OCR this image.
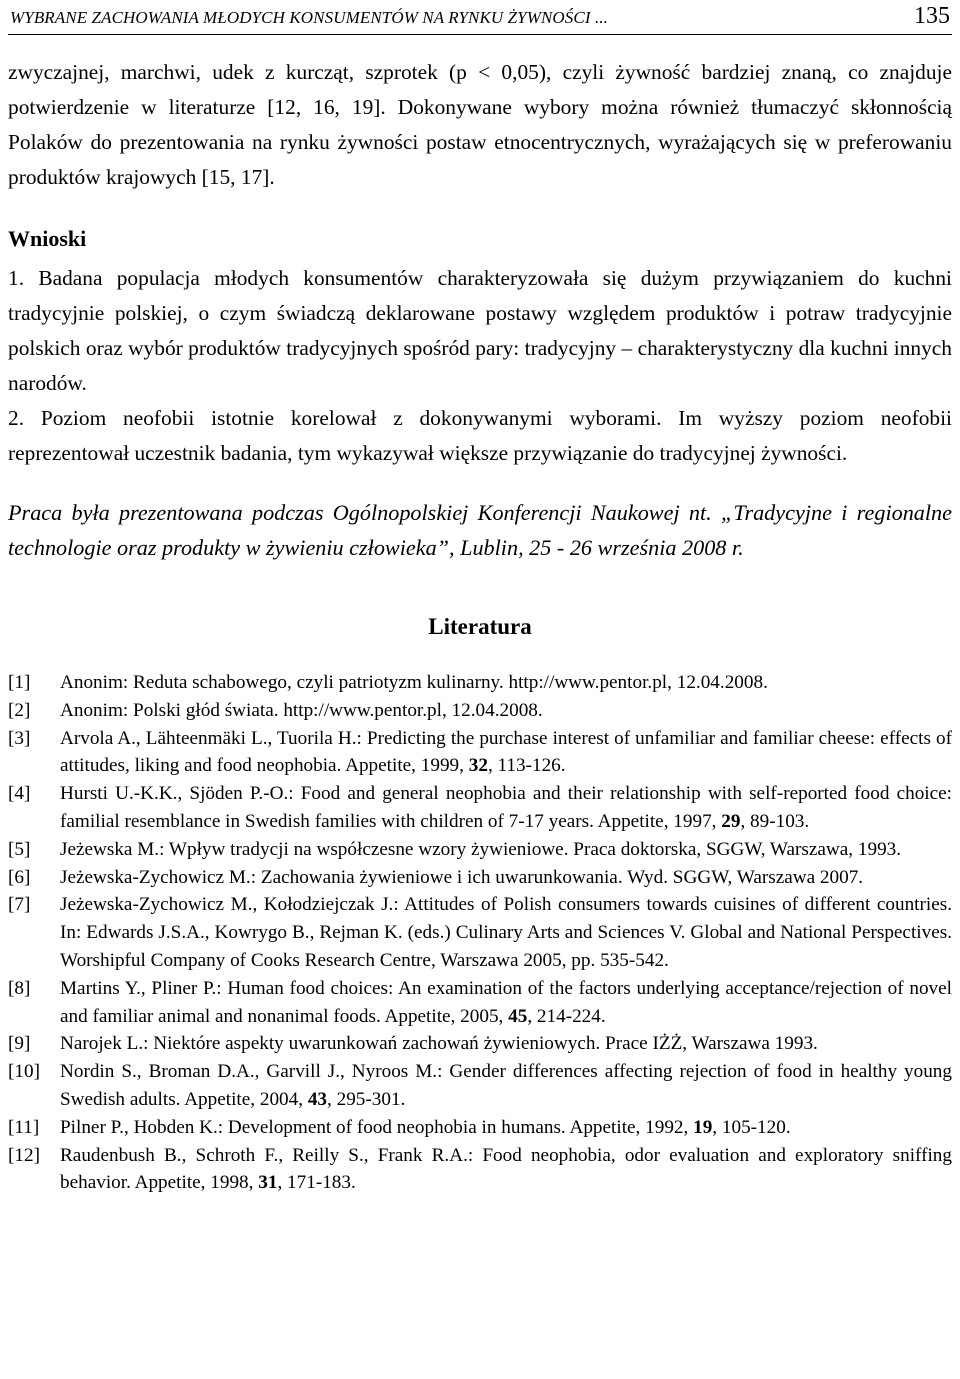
WYBRANE ZACHOWANIA MŁODYCH KONSUMENTÓW NA RYNKU ŻYWNOŚCI ...	135

zwyczajnej, marchwi, udek z kurcząt, szprotek (p < 0,05), czyli żywność bardziej znaną, co znajduje potwierdzenie w literaturze [12, 16, 19]. Dokonywane wybory można również tłumaczyć skłonnością Polaków do prezentowania na rynku żywności postaw etnocentrycznych, wyrażających się w preferowaniu produktów krajowych [15, 17].

Wnioski

1. Badana populacja młodych konsumentów charakteryzowała się dużym przywiązaniem do kuchni tradycyjnie polskiej, o czym świadczą deklarowane postawy względem produktów i potraw tradycyjnie polskich oraz wybór produktów tradycyjnych spośród pary: tradycyjny – charakterystyczny dla kuchni innych narodów.

2. Poziom neofobii istotnie korelował z dokonywanymi wyborami. Im wyższy poziom neofobii reprezentował uczestnik badania, tym wykazywał większe przywiązanie do tradycyjnej żywności.

Praca była prezentowana podczas Ogólnopolskiej Konferencji Naukowej nt. „Tradycyjne i regionalne technologie oraz produkty w żywieniu człowieka”, Lublin, 25 - 26 września 2008 r.

Literatura
[1]	Anonim: Reduta schabowego, czyli patriotyzm kulinarny. http://www.pentor.pl, 12.04.2008.
[2]	Anonim: Polski głód świata. http://www.pentor.pl, 12.04.2008.
[3]	Arvola A., Lähteenmäki L., Tuorila H.: Predicting the purchase interest of unfamiliar and familiar cheese: effects of attitudes, liking and food neophobia. Appetite, 1999, 32, 113-126.
[4]	Hursti U.-K.K., Sjöden P.-O.: Food and general neophobia and their relationship with self-reported food choice: familial resemblance in Swedish families with children of 7-17 years. Appetite, 1997, 29, 89-103.
[5]	Jeżewska M.: Wpływ tradycji na współczesne wzory żywieniowe. Praca doktorska, SGGW, Warszawa, 1993.
[6]	Jeżewska-Zychowicz M.: Zachowania żywieniowe i ich uwarunkowania. Wyd. SGGW, Warszawa 2007.
[7]	Jeżewska-Zychowicz M., Kołodziejczak J.: Attitudes of Polish consumers towards cuisines of different countries. In: Edwards J.S.A., Kowrygo B., Rejman K. (eds.) Culinary Arts and Sciences V. Global and National Perspectives. Worshipful Company of Cooks Research Centre, Warszawa 2005, pp. 535-542.
[8]	Martins Y., Pliner P.: Human food choices: An examination of the factors underlying acceptance/rejection of novel and familiar animal and nonanimal foods. Appetite, 2005, 45, 214-224.
[9]	Narojek L.: Niektóre aspekty uwarunkowań zachowań żywieniowych. Prace IŻŻ, Warszawa 1993.
[10]	Nordin S., Broman D.A., Garvill J., Nyroos M.: Gender differences affecting rejection of food in healthy young Swedish adults. Appetite, 2004, 43, 295-301.
[11]	Pilner P., Hobden K.: Development of food neophobia in humans. Appetite, 1992, 19, 105-120.
[12]	Raudenbush B., Schroth F., Reilly S., Frank R.A.: Food neophobia, odor evaluation and exploratory sniffing behavior. Appetite, 1998, 31, 171-183.
